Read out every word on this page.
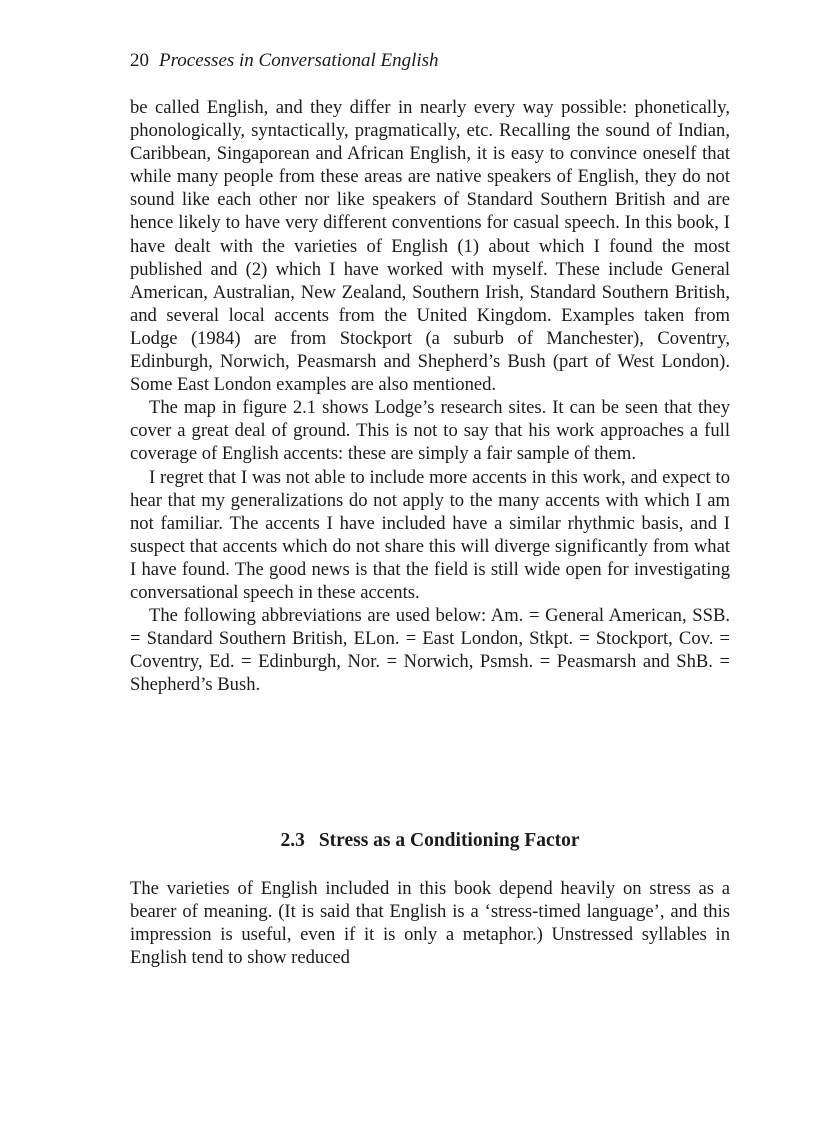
20 Processes in Conversational English

be called English, and they differ in nearly every way possible: phonetically, phonologically, syntactically, pragmatically, etc. Recalling the sound of Indian, Caribbean, Singaporean and African English, it is easy to convince oneself that while many people from these areas are native speakers of English, they do not sound like each other nor like speakers of Standard Southern British and are hence likely to have very different conventions for casual speech. In this book, I have dealt with the varieties of English (1) about which I found the most published and (2) which I have worked with myself. These include General American, Australian, New Zealand, Southern Irish, Standard Southern British, and several local accents from the United Kingdom. Examples taken from Lodge (1984) are from Stockport (a suburb of Manchester), Coventry, Edinburgh, Norwich, Peasmarsh and Shepherd’s Bush (part of West London). Some East London examples are also mentioned.

The map in figure 2.1 shows Lodge’s research sites. It can be seen that they cover a great deal of ground. This is not to say that his work approaches a full coverage of English accents: these are simply a fair sample of them.

I regret that I was not able to include more accents in this work, and expect to hear that my generalizations do not apply to the many accents with which I am not familiar. The accents I have included have a similar rhythmic basis, and I suspect that accents which do not share this will diverge significantly from what I have found. The good news is that the field is still wide open for investigating conversational speech in these accents.

The following abbreviations are used below: Am. = General American, SSB. = Standard Southern British, ELon. = East London, Stkpt. = Stockport, Cov. = Coventry, Ed. = Edinburgh, Nor. = Norwich, Psmsh. = Peasmarsh and ShB. = Shepherd’s Bush.

2.3 Stress as a Conditioning Factor

The varieties of English included in this book depend heavily on stress as a bearer of meaning. (It is said that English is a ‘stress-timed language’, and this impression is useful, even if it is only a metaphor.) Unstressed syllables in English tend to show reduced
